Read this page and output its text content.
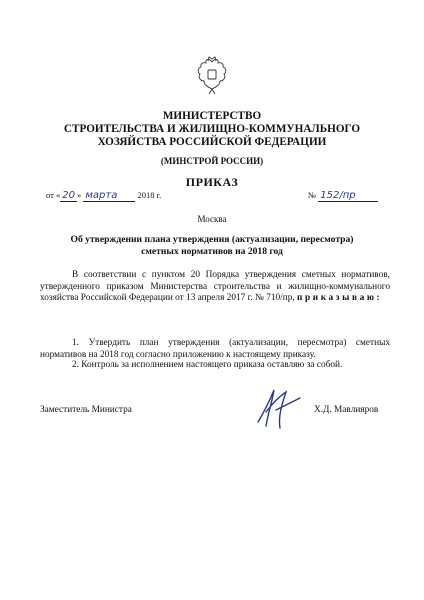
МИНИСТЕРСТВО
СТРОИТЕЛЬСТВА И ЖИЛИЩНО-КОММУНАЛЬНОГО
ХОЗЯЙСТВА РОССИЙСКОЙ ФЕДЕРАЦИИ
(МИНСТРОЙ РОССИИ)
ПРИКАЗ
от « 20 » марта 2018 г.	№ 152/пр
Москва
Об утверждении плана утверждения (актуализации, пересмотра)
сметных нормативов на 2018 год
В соответствии с пунктом 20 Порядка утверждения сметных нормативов, утвержденного приказом Министерства строительства и жилищно-коммунального хозяйства Российской Федерации от 13 апреля 2017 г. № 710/пр, приказываю:
1. Утвердить план утверждения (актуализации, пересмотра) сметных нормативов на 2018 год согласно приложению к настоящему приказу.
2. Контроль за исполнением настоящего приказа оставляю за собой.
Заместитель Министра	Х.Д. Мавлияров
